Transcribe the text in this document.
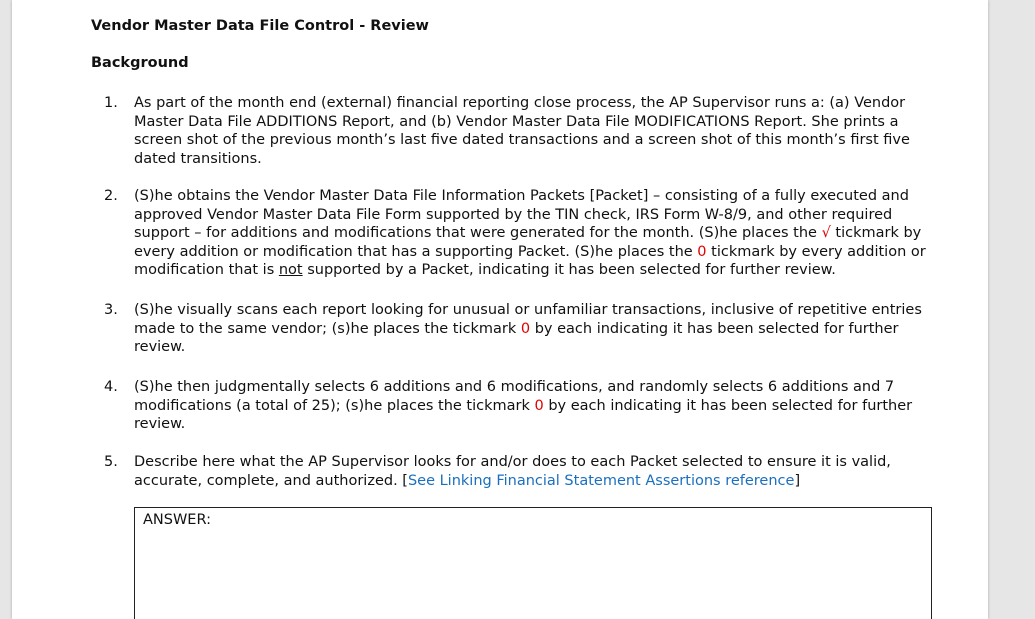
Vendor Master Data File Control - Review
Background
1.	As part of the month end (external) financial reporting close process, the AP Supervisor runs a: (a) Vendor Master Data File ADDITIONS Report, and (b) Vendor Master Data File MODIFICATIONS Report. She prints a screen shot of the previous month’s last five dated transactions and a screen shot of this month’s first five dated transitions.
2.	(S)he obtains the Vendor Master Data File Information Packets [Packet] – consisting of a fully executed and approved Vendor Master Data File Form supported by the TIN check, IRS Form W-8/9, and other required support – for additions and modifications that were generated for the month. (S)he places the √ tickmark by every addition or modification that has a supporting Packet. (S)he places the 0 tickmark by every addition or modification that is not supported by a Packet, indicating it has been selected for further review.
3.	(S)he visually scans each report looking for unusual or unfamiliar transactions, inclusive of repetitive entries made to the same vendor; (s)he places the tickmark 0 by each indicating it has been selected for further review.
4.	(S)he then judgmentally selects 6 additions and 6 modifications, and randomly selects 6 additions and 7 modifications (a total of 25); (s)he places the tickmark 0 by each indicating it has been selected for further review.
5.	Describe here what the AP Supervisor looks for and/or does to each Packet selected to ensure it is valid, accurate, complete, and authorized. [See Linking Financial Statement Assertions reference]
ANSWER:
